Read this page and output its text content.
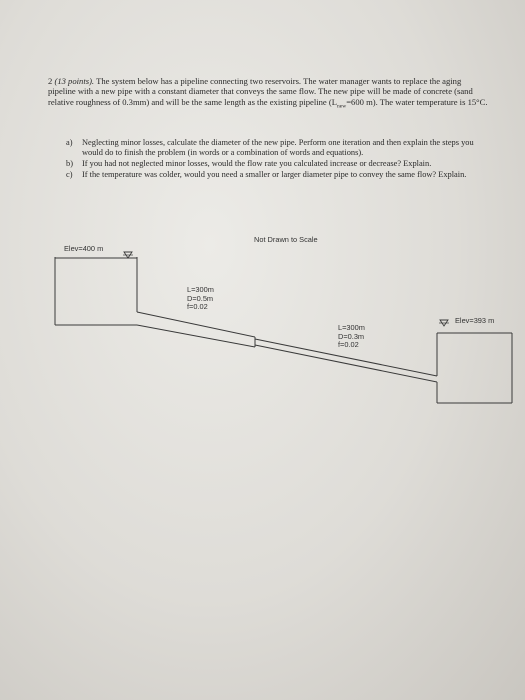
2 (13 points). The system below has a pipeline connecting two reservoirs. The water manager wants to replace the aging pipeline with a new pipe with a constant diameter that conveys the same flow. The new pipe will be made of concrete (sand relative roughness of 0.3mm) and will be the same length as the existing pipeline ($L_{new}=600$ m). The water temperature is 15°C.
a)	Neglecting minor losses, calculate the diameter of the new pipe. Perform one iteration and then explain the steps you would do to finish the problem (in words or a combination of words and equations).
b)	If you had not neglected minor losses, would the flow rate you calculated increase or decrease? Explain.
c)	If the temperature was colder, would you need a smaller or larger diameter pipe to convey the same flow? Explain.
Not Drawn to Scale
Elev=400 m
Elev=393 m
L=300m
D=0.5m
f=0.02
L=300m
D=0.3m
f=0.02
